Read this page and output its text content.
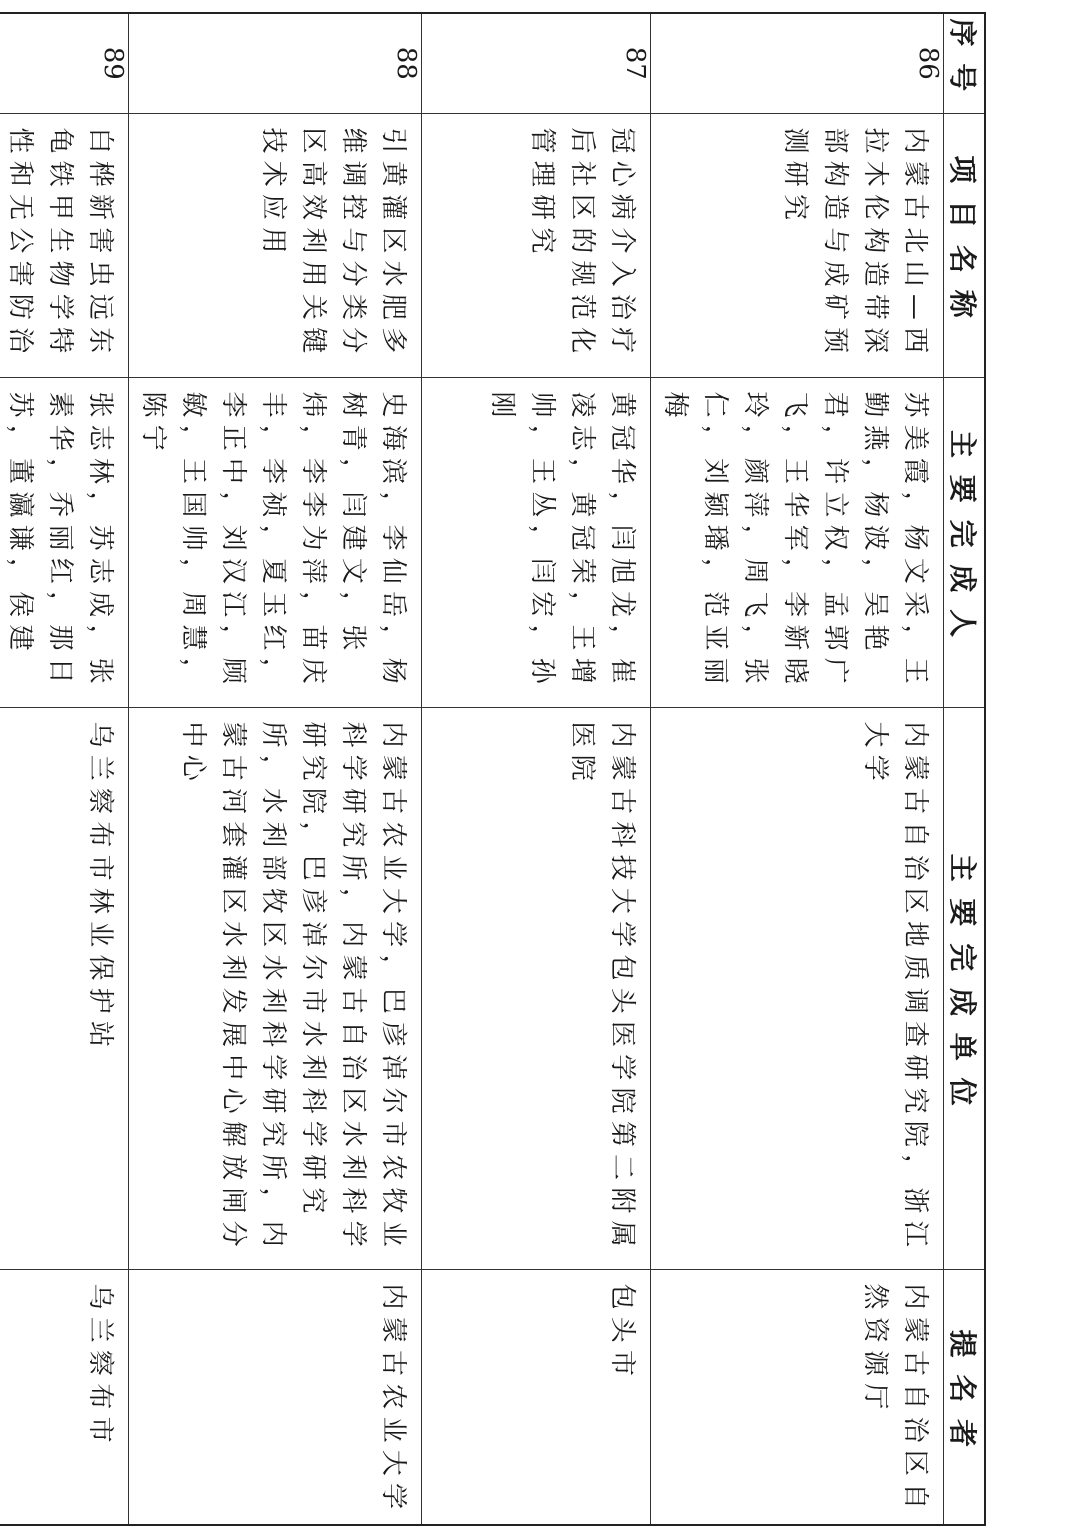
序号	项目名称	主要完成人	主要完成单位	提名者
86	内蒙古北山—西拉木伦构造带深部构造与成矿预测研究	苏美霞，杨文采，王勤燕，杨波，吴艳君，许立权，孟郭广飞，王华军，李新晓玲，颜萍，周飞，张仁，刘颖璠，范亚丽梅	内蒙古自治区地质调查研究院，浙江大学	内蒙古自治区自然资源厅

87	冠心病介入治疗后社区的规范化管理研究	黄冠华，闫旭龙，崔凌志，黄冠荣，王增帅，王丛，闫宏，孙刚	内蒙古科技大学包头医学院第二附属医院	包头市

88	引黄灌区水肥多维调控与分类分区高效利用关键技术应用	史海滨，李仙岳，杨树青，闫建文，张炜，李李为萍，苗庆丰，李祯，夏玉红，李正中，刘汉江，顾敏，王国帅，周慧，陈宁	内蒙古农业大学，巴彦淖尔市农牧业科学研究所，内蒙古自治区水利科学研究院，巴彦淖尔市水利科学研究所，水利部牧区水利科学研究所，内蒙古河套灌区水利发展中心解放闸分中心	内蒙古农业大学

89	白桦新害虫远东龟铁甲生物学特性和无公害防治	张志林，苏志成，张素华，乔丽红，那日苏，董瀛谦，侯建	乌兰察布市林业保护站	乌兰察布市
